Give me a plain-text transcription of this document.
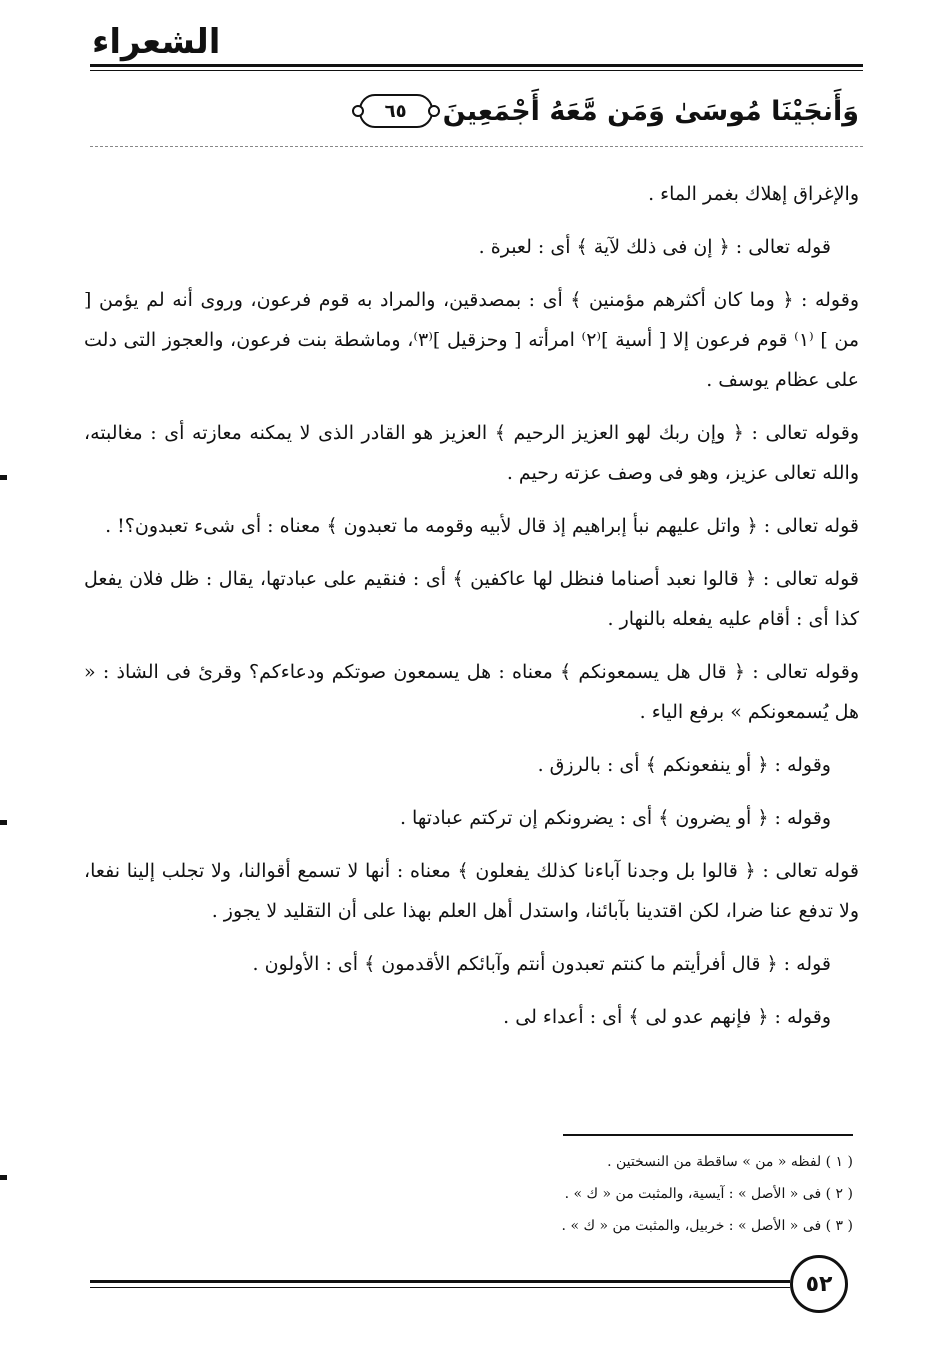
الشعراء
وَأَنجَيْنَا مُوسَىٰ وَمَن مَّعَهُ أَجْمَعِينَ
٦٥

والإغراق إهلاك بغمر الماء .

قوله تعالى : ﴿ إن فى ذلك لآية ﴾ أى : لعبرة .

وقوله : ﴿ وما كان أكثرهم مؤمنين ﴾ أى : بمصدقين، والمراد به قوم فرعون، وروى أنه لم يؤمن [ من ] ⁽١⁾ قوم فرعون إلا [ أسية ]⁽٢⁾ امرأته [ وحزقيل ]⁽٣⁾، وماشطة بنت فرعون، والعجوز التى دلت على عظام يوسف .

وقوله تعالى : ﴿ وإن ربك لهو العزيز الرحيم ﴾ العزيز هو القادر الذى لا يمكنه معازته أى : مغالبته، والله تعالى عزيز، وهو فى وصف عزته رحيم .

قوله تعالى : ﴿ واتل عليهم نبأ إبراهيم إذ قال لأبيه وقومه ما تعبدون ﴾ معناه : أى شىء تعبدون؟! .

قوله تعالى : ﴿ قالوا نعبد أصناما فنظل لها عاكفين ﴾ أى : فنقيم على عبادتها، يقال : ظل فلان يفعل كذا أى : أقام عليه يفعله بالنهار .

وقوله تعالى : ﴿ قال هل يسمعونكم ﴾ معناه : هل يسمعون صوتكم ودعاءكم؟ وقرئ فى الشاذ : « هل يُسمعونكم » برفع الياء .

وقوله : ﴿ أو ينفعونكم ﴾ أى : بالرزق .

وقوله : ﴿ أو يضرون ﴾ أى : يضرونكم إن تركتم عبادتها .

قوله تعالى : ﴿ قالوا بل وجدنا آباءنا كذلك يفعلون ﴾ معناه : أنها لا تسمع أقوالنا، ولا تجلب إلينا نفعا، ولا تدفع عنا ضرا، لكن اقتدينا بآبائنا، واستدل أهل العلم بهذا على أن التقليد لا يجوز .

قوله : ﴿ قال أفرأيتم ما كنتم تعبدون أنتم وآبائكم الأقدمون ﴾ أى : الأولون .

وقوله : ﴿ فإنهم عدو لى ﴾ أى : أعداء لى .

( ١ ) لفظه « من » ساقطة من النسختين .

( ٢ ) فى « الأصل » : آيسية، والمثبت من « ك » .

( ٣ ) فى « الأصل » : خربيل، والمثبت من « ك » .

٥٢
